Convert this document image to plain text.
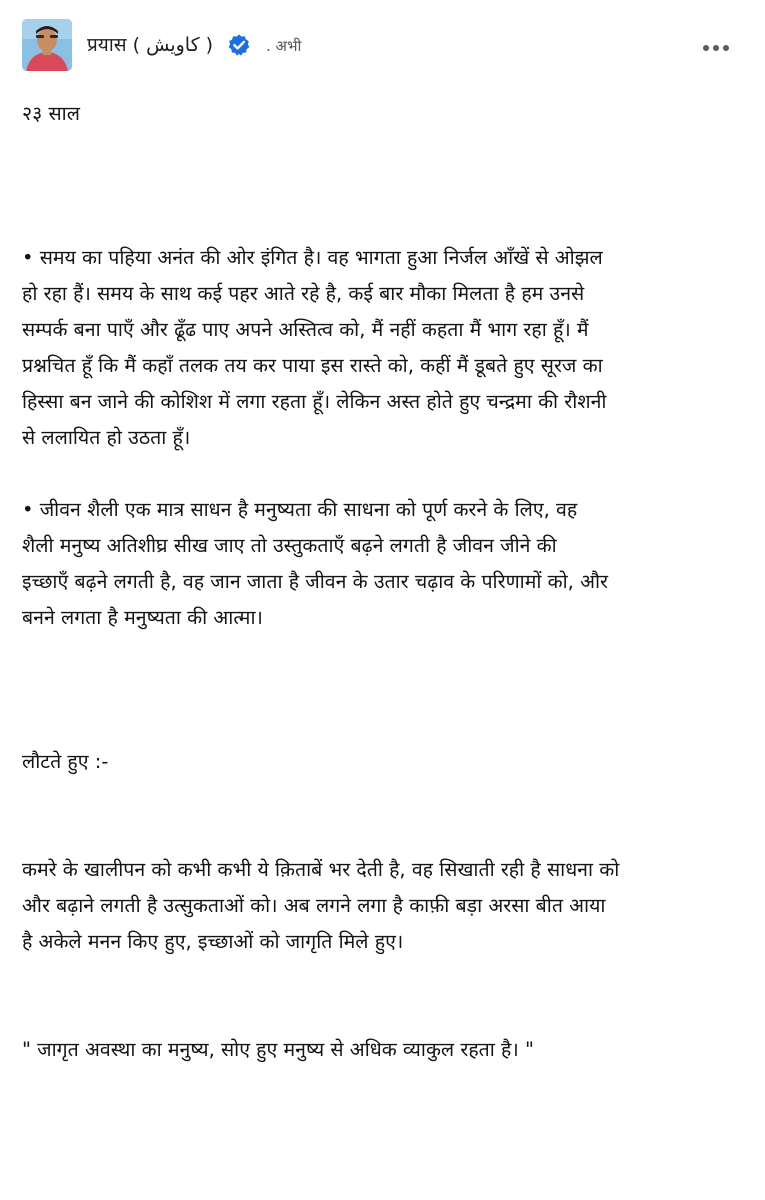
प्रयास ( کاویش )	. अभी
२३ साल
• समय का पहिया अनंत की ओर इंगित है। वह भागता हुआ निर्जल आँखें से ओझल
हो रहा हैं। समय के साथ कई पहर आते रहे है, कई बार मौका मिलता है हम उनसे
सम्पर्क बना पाएँ और ढूँढ पाए अपने अस्तित्व को, मैं नहीं कहता मैं भाग रहा हूँ। मैं
प्रश्नचित हूँ कि मैं कहाँ तलक तय कर पाया इस रास्ते को, कहीं मैं डूबते हुए सूरज का
हिस्सा बन जाने की कोशिश में लगा रहता हूँ। लेकिन अस्त होते हुए चन्द्रमा की रौशनी
से ललायित हो उठता हूँ।
• जीवन शैली एक मात्र साधन है मनुष्यता की साधना को पूर्ण करने के लिए, वह
शैली मनुष्य अतिशीघ्र सीख जाए तो उस्तुकताएँ बढ़ने लगती है जीवन जीने की
इच्छाएँ बढ़ने लगती है, वह जान जाता है जीवन के उतार चढ़ाव के परिणामों को, और
बनने लगता है मनुष्यता की आत्मा।
लौटते हुए :-
कमरे के खालीपन को कभी कभी ये क़िताबें भर देती है, वह सिखाती रही है साधना को
और बढ़ाने लगती है उत्सुकताओं को। अब लगने लगा है काफ़ी बड़ा अरसा बीत आया
है अकेले मनन किए हुए, इच्छाओं को जागृति मिले हुए।
" जागृत अवस्था का मनुष्य, सोए हुए मनुष्य से अधिक व्याकुल रहता है। "
